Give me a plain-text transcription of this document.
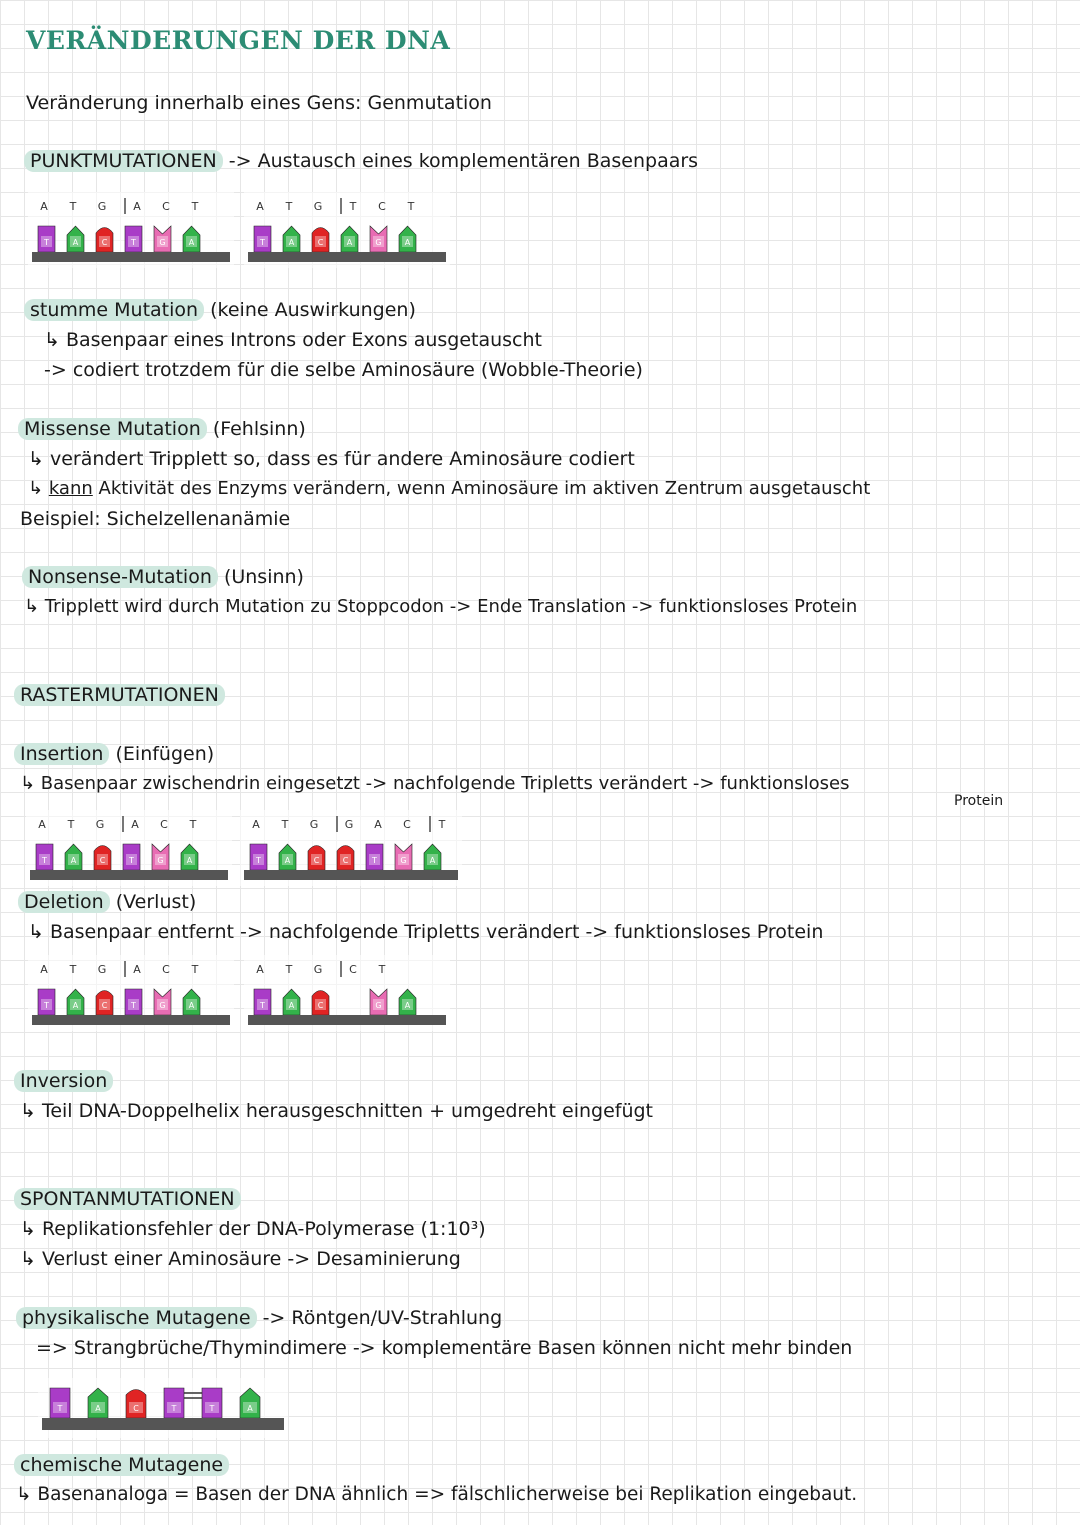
VERÄNDERUNGEN DER DNA
Veränderung innerhalb eines Gens: Genmutation
PUNKTMUTATIONEN -> Austausch eines komplementären Basenpaars
A T G A C T
T	A	C	T	G	A
A T G T C T
T	A	C	A	G	A
stumme Mutation (keine Auswirkungen)
↳ Basenpaar eines Introns oder Exons ausgetauscht
-> codiert trotzdem für die selbe Aminosäure (Wobble-Theorie)
Missense Mutation (Fehlsinn)
↳ verändert Tripplett so, dass es für andere Aminosäure codiert
↳ kann Aktivität des Enzyms verändern, wenn Aminosäure im aktiven Zentrum ausgetauscht
Beispiel: Sichelzellenanämie
Nonsense-Mutation (Unsinn)
↳ Tripplett wird durch Mutation zu Stoppcodon -> Ende Translation -> funktionsloses Protein
RASTERMUTATIONEN
Insertion (Einfügen)
↳ Basenpaar zwischendrin eingesetzt -> nachfolgende Tripletts verändert -> funktionsloses
Protein
A T G A C T
T	A	C	T	G	A
A T G G A C	T
T	A	C	C	T	G	A
Deletion (Verlust)
↳ Basenpaar entfernt -> nachfolgende Tripletts verändert -> funktionsloses Protein
A T G A C T
T	A	C	T	G	A
A T G C T
T	A	C	G	A
Inversion
↳ Teil DNA-Doppelhelix herausgeschnitten + umgedreht eingefügt
SPONTANMUTATIONEN
↳ Replikationsfehler der DNA-Polymerase (1:10³)
↳ Verlust einer Aminosäure -> Desaminierung
physikalische Mutagene -> Röntgen/UV-Strahlung
=> Strangbrüche/Thymindimere -> komplementäre Basen können nicht mehr binden
T	A	C	T	T	A
chemische Mutagene
↳ Basenanaloga = Basen der DNA ähnlich => fälschlicherweise bei Replikation eingebaut.
